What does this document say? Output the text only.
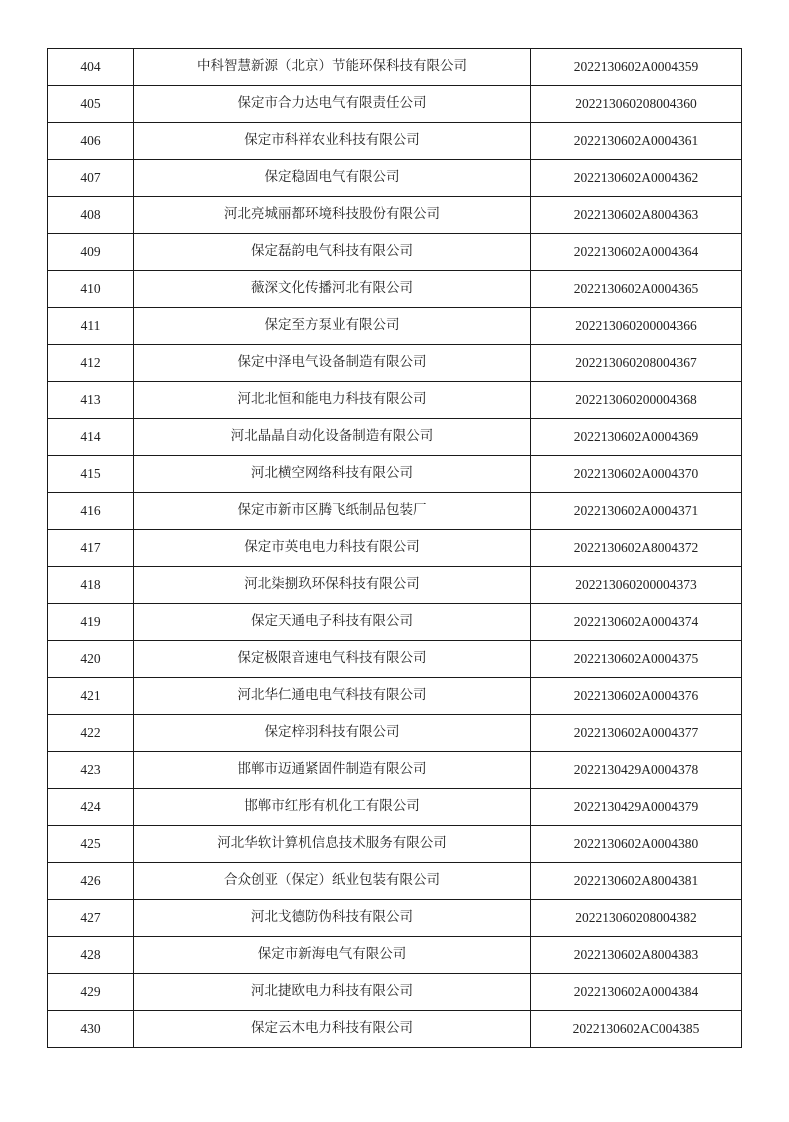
404	中科智慧新源（北京）节能环保科技有限公司	2022130602A0004359
405	保定市合力达电气有限责任公司	202213060208004360
406	保定市科祥农业科技有限公司	2022130602A0004361
407	保定稳固电气有限公司	2022130602A0004362
408	河北亮城丽都环境科技股份有限公司	2022130602A8004363
409	保定磊韵电气科技有限公司	2022130602A0004364
410	薇深文化传播河北有限公司	2022130602A0004365
411	保定至方泵业有限公司	202213060200004366
412	保定中泽电气设备制造有限公司	202213060208004367
413	河北北恒和能电力科技有限公司	202213060200004368
414	河北晶晶自动化设备制造有限公司	2022130602A0004369
415	河北横空网络科技有限公司	2022130602A0004370
416	保定市新市区腾飞纸制品包装厂	2022130602A0004371
417	保定市英电电力科技有限公司	2022130602A8004372
418	河北柒捌玖环保科技有限公司	202213060200004373
419	保定天通电子科技有限公司	2022130602A0004374
420	保定极限音速电气科技有限公司	2022130602A0004375
421	河北华仁通电电气科技有限公司	2022130602A0004376
422	保定梓羽科技有限公司	2022130602A0004377
423	邯郸市迈通紧固件制造有限公司	2022130429A0004378
424	邯郸市红彤有机化工有限公司	2022130429A0004379
425	河北华软计算机信息技术服务有限公司	2022130602A0004380
426	合众创亚（保定）纸业包装有限公司	2022130602A8004381
427	河北戈德防伪科技有限公司	202213060208004382
428	保定市新海电气有限公司	2022130602A8004383
429	河北捷欧电力科技有限公司	2022130602A0004384
430	保定云木电力科技有限公司	2022130602AC004385
